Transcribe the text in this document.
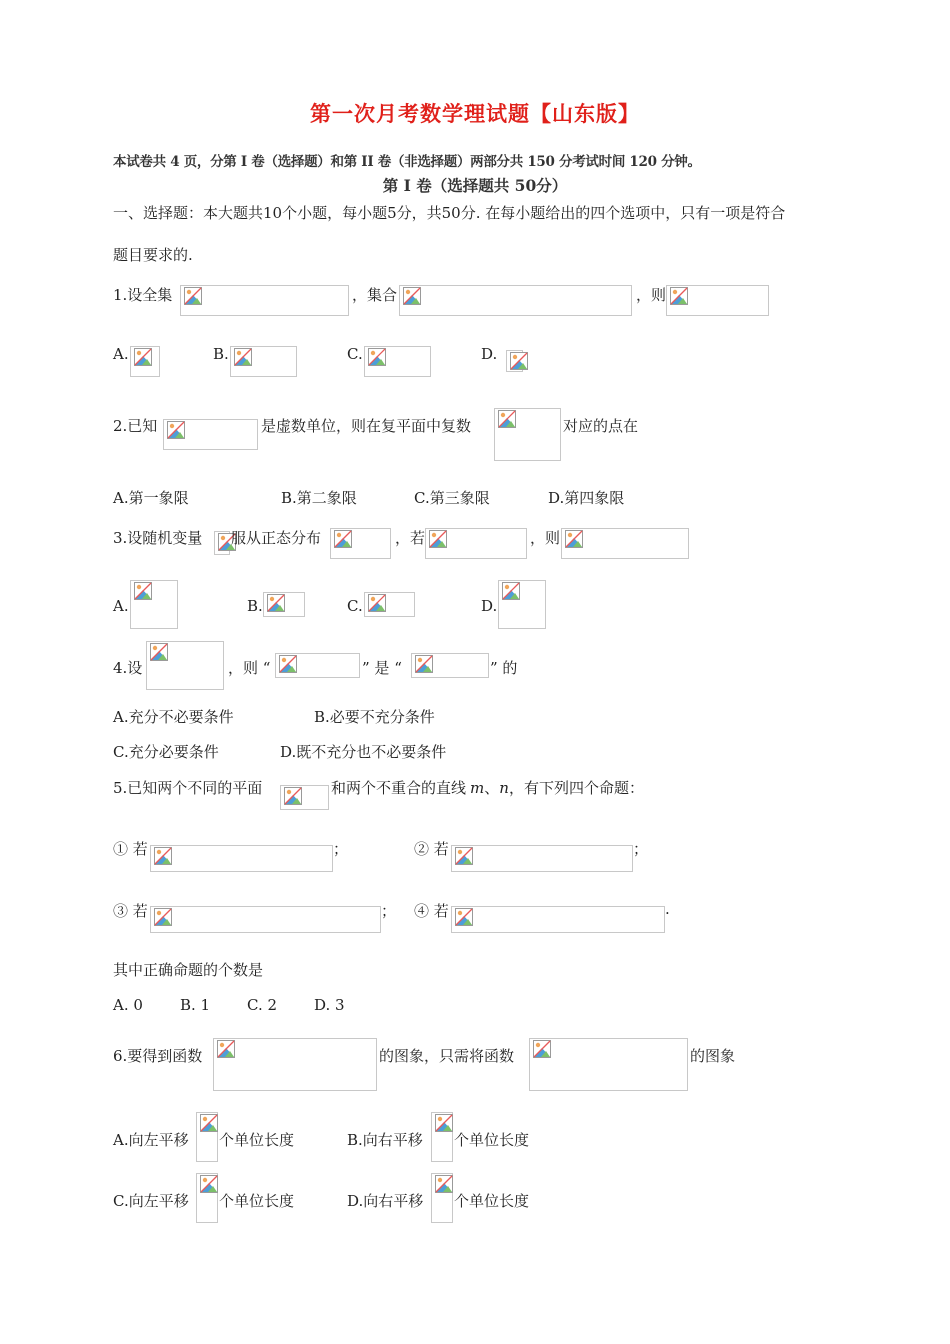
第一次月考数学理试题【山东版】
本试卷共 4 页，分第 I 卷（选择题）和第 II 卷（非选择题）两部分共 150 分考试时间 120 分钟。
第 I 卷（选择题共 50分）
一、选择题：本大题共10个小题，每小题5分，共50分. 在每小题给出的四个选项中，只有一项是符合
题目要求的.
1.设全集	，集合	，则
A.	B.	C.	D.
2.已知	是虚数单位，则在复平面中复数	对应的点在
A.第一象限	B.第二象限	C.第三象限	D.第四象限
3.设随机变量 服从正态分布	，若	，则
A.	B.	C.	D.
4.设	，则 “	” 是 “	” 的
A.充分不必要条件	B.必要不充分条件
C.充分必要条件	D.既不充分也不必要条件
5.已知两个不同的平面	和两个不重合的直线 m、n，有下列四个命题：
① 若	；	② 若	；
③ 若	； ④ 若	.
其中正确命题的个数是
A. 0 B. 1 C. 2 D. 3
6.要得到函数	的图象，只需将函数	的图象
A.向左平移 个单位长度	B.向右平移 个单位长度
C.向左平移 个单位长度	D.向右平移 个单位长度
